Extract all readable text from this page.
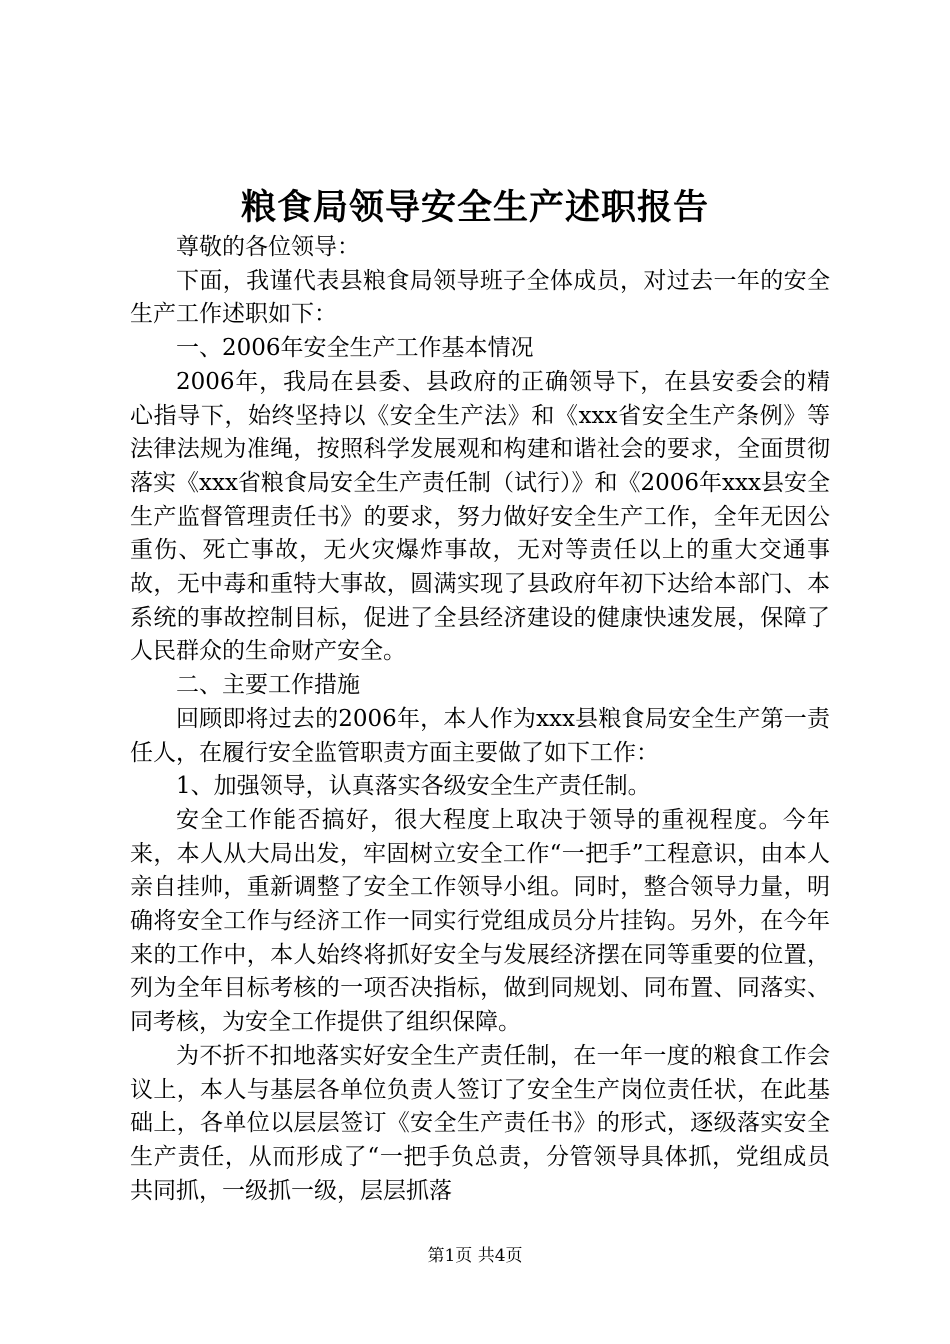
粮食局领导安全生产述职报告

尊敬的各位领导：

下面，我谨代表县粮食局领导班子全体成员，对过去一年的安全生产工作述职如下：

一、2006年安全生产工作基本情况

2006年，我局在县委、县政府的正确领导下，在县安委会的精心指导下，始终坚持以《安全生产法》和《xxx省安全生产条例》等法律法规为准绳，按照科学发展观和构建和谐社会的要求，全面贯彻落实《xxx省粮食局安全生产责任制（试行）》和《2006年xxx县安全生产监督管理责任书》的要求，努力做好安全生产工作，全年无因公重伤、死亡事故，无火灾爆炸事故，无对等责任以上的重大交通事故，无中毒和重特大事故，圆满实现了县政府年初下达给本部门、本系统的事故控制目标，促进了全县经济建设的健康快速发展，保障了人民群众的生命财产安全。

二、主要工作措施

回顾即将过去的2006年，本人作为xxx县粮食局安全生产第一责任人，在履行安全监管职责方面主要做了如下工作：

1、加强领导，认真落实各级安全生产责任制。

安全工作能否搞好，很大程度上取决于领导的重视程度。今年来，本人从大局出发，牢固树立安全工作“一把手”工程意识，由本人亲自挂帅，重新调整了安全工作领导小组。同时，整合领导力量，明确将安全工作与经济工作一同实行党组成员分片挂钩。另外，在今年来的工作中，本人始终将抓好安全与发展经济摆在同等重要的位置，列为全年目标考核的一项否决指标，做到同规划、同布置、同落实、同考核，为安全工作提供了组织保障。

为不折不扣地落实好安全生产责任制，在一年一度的粮食工作会议上，本人与基层各单位负责人签订了安全生产岗位责任状，在此基础上，各单位以层层签订《安全生产责任书》的形式，逐级落实安全生产责任，从而形成了“一把手负总责，分管领导具体抓，党组成员共同抓，一级抓一级，层层抓落

第1页 共4页
